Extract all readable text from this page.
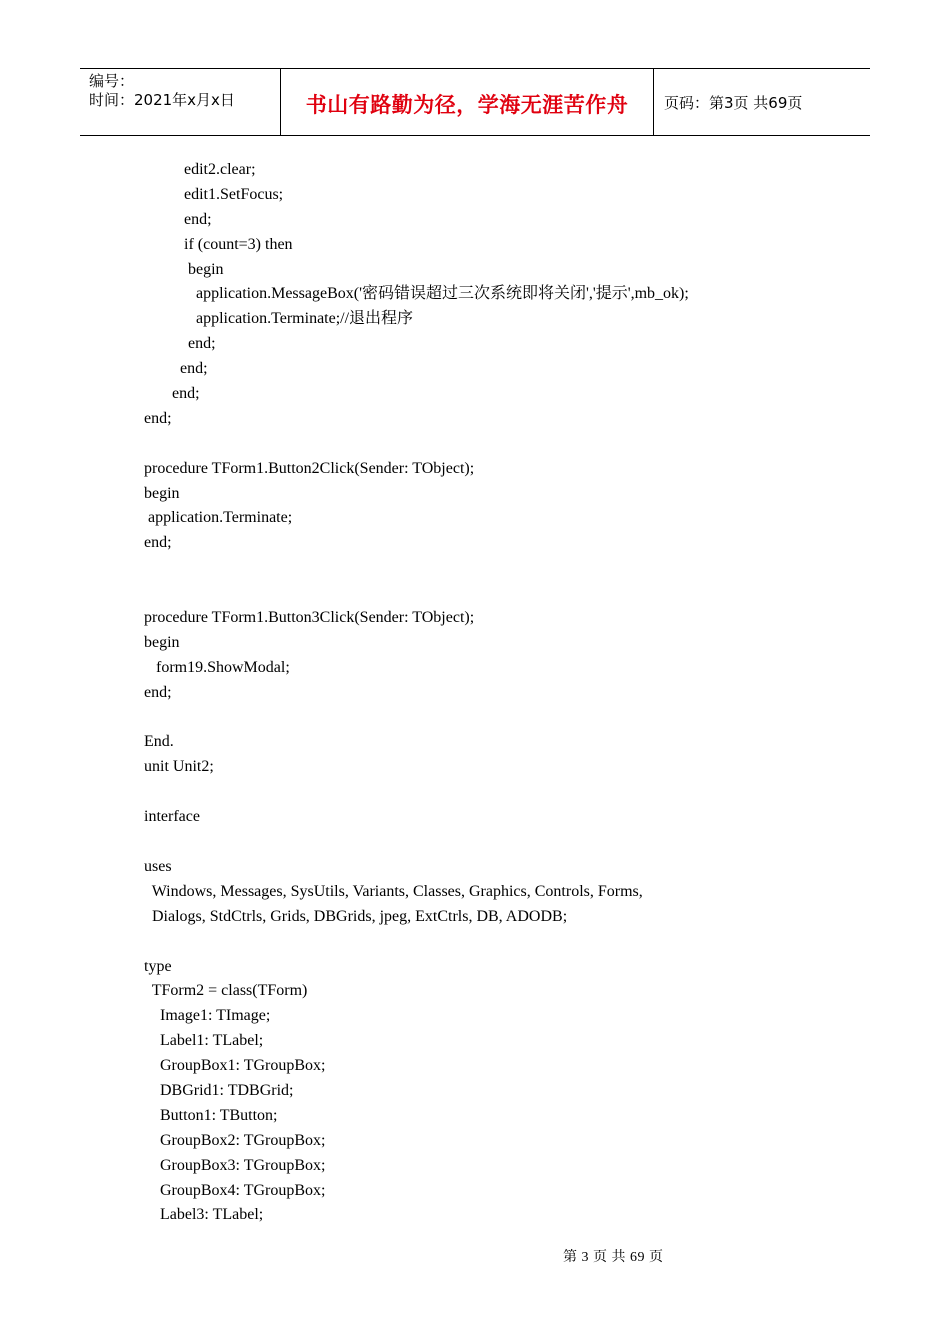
编号：
时间：2021年x月x日	书山有路勤为径，学海无涯苦作舟 页码：第3页 共69页
edit2.clear;
edit1.SetFocus;
end;
if (count=3) then
begin
application.MessageBox('密码错误超过三次系统即将关闭','提示',mb_ok);
application.Terminate;//退出程序
end;
end;
end;
end;
procedure TForm1.Button2Click(Sender: TObject);
begin
application.Terminate;
end;
procedure TForm1.Button3Click(Sender: TObject);
begin
form19.ShowModal;
end;
End.
unit Unit2;
interface
uses
Windows, Messages, SysUtils, Variants, Classes, Graphics, Controls, Forms,
Dialogs, StdCtrls, Grids, DBGrids, jpeg, ExtCtrls, DB, ADODB;
type
TForm2 = class(TForm)
Image1: TImage;
Label1: TLabel;
GroupBox1: TGroupBox;
DBGrid1: TDBGrid;
Button1: TButton;
GroupBox2: TGroupBox;
GroupBox3: TGroupBox;
GroupBox4: TGroupBox;
Label3: TLabel;
第 3 页 共 69 页
